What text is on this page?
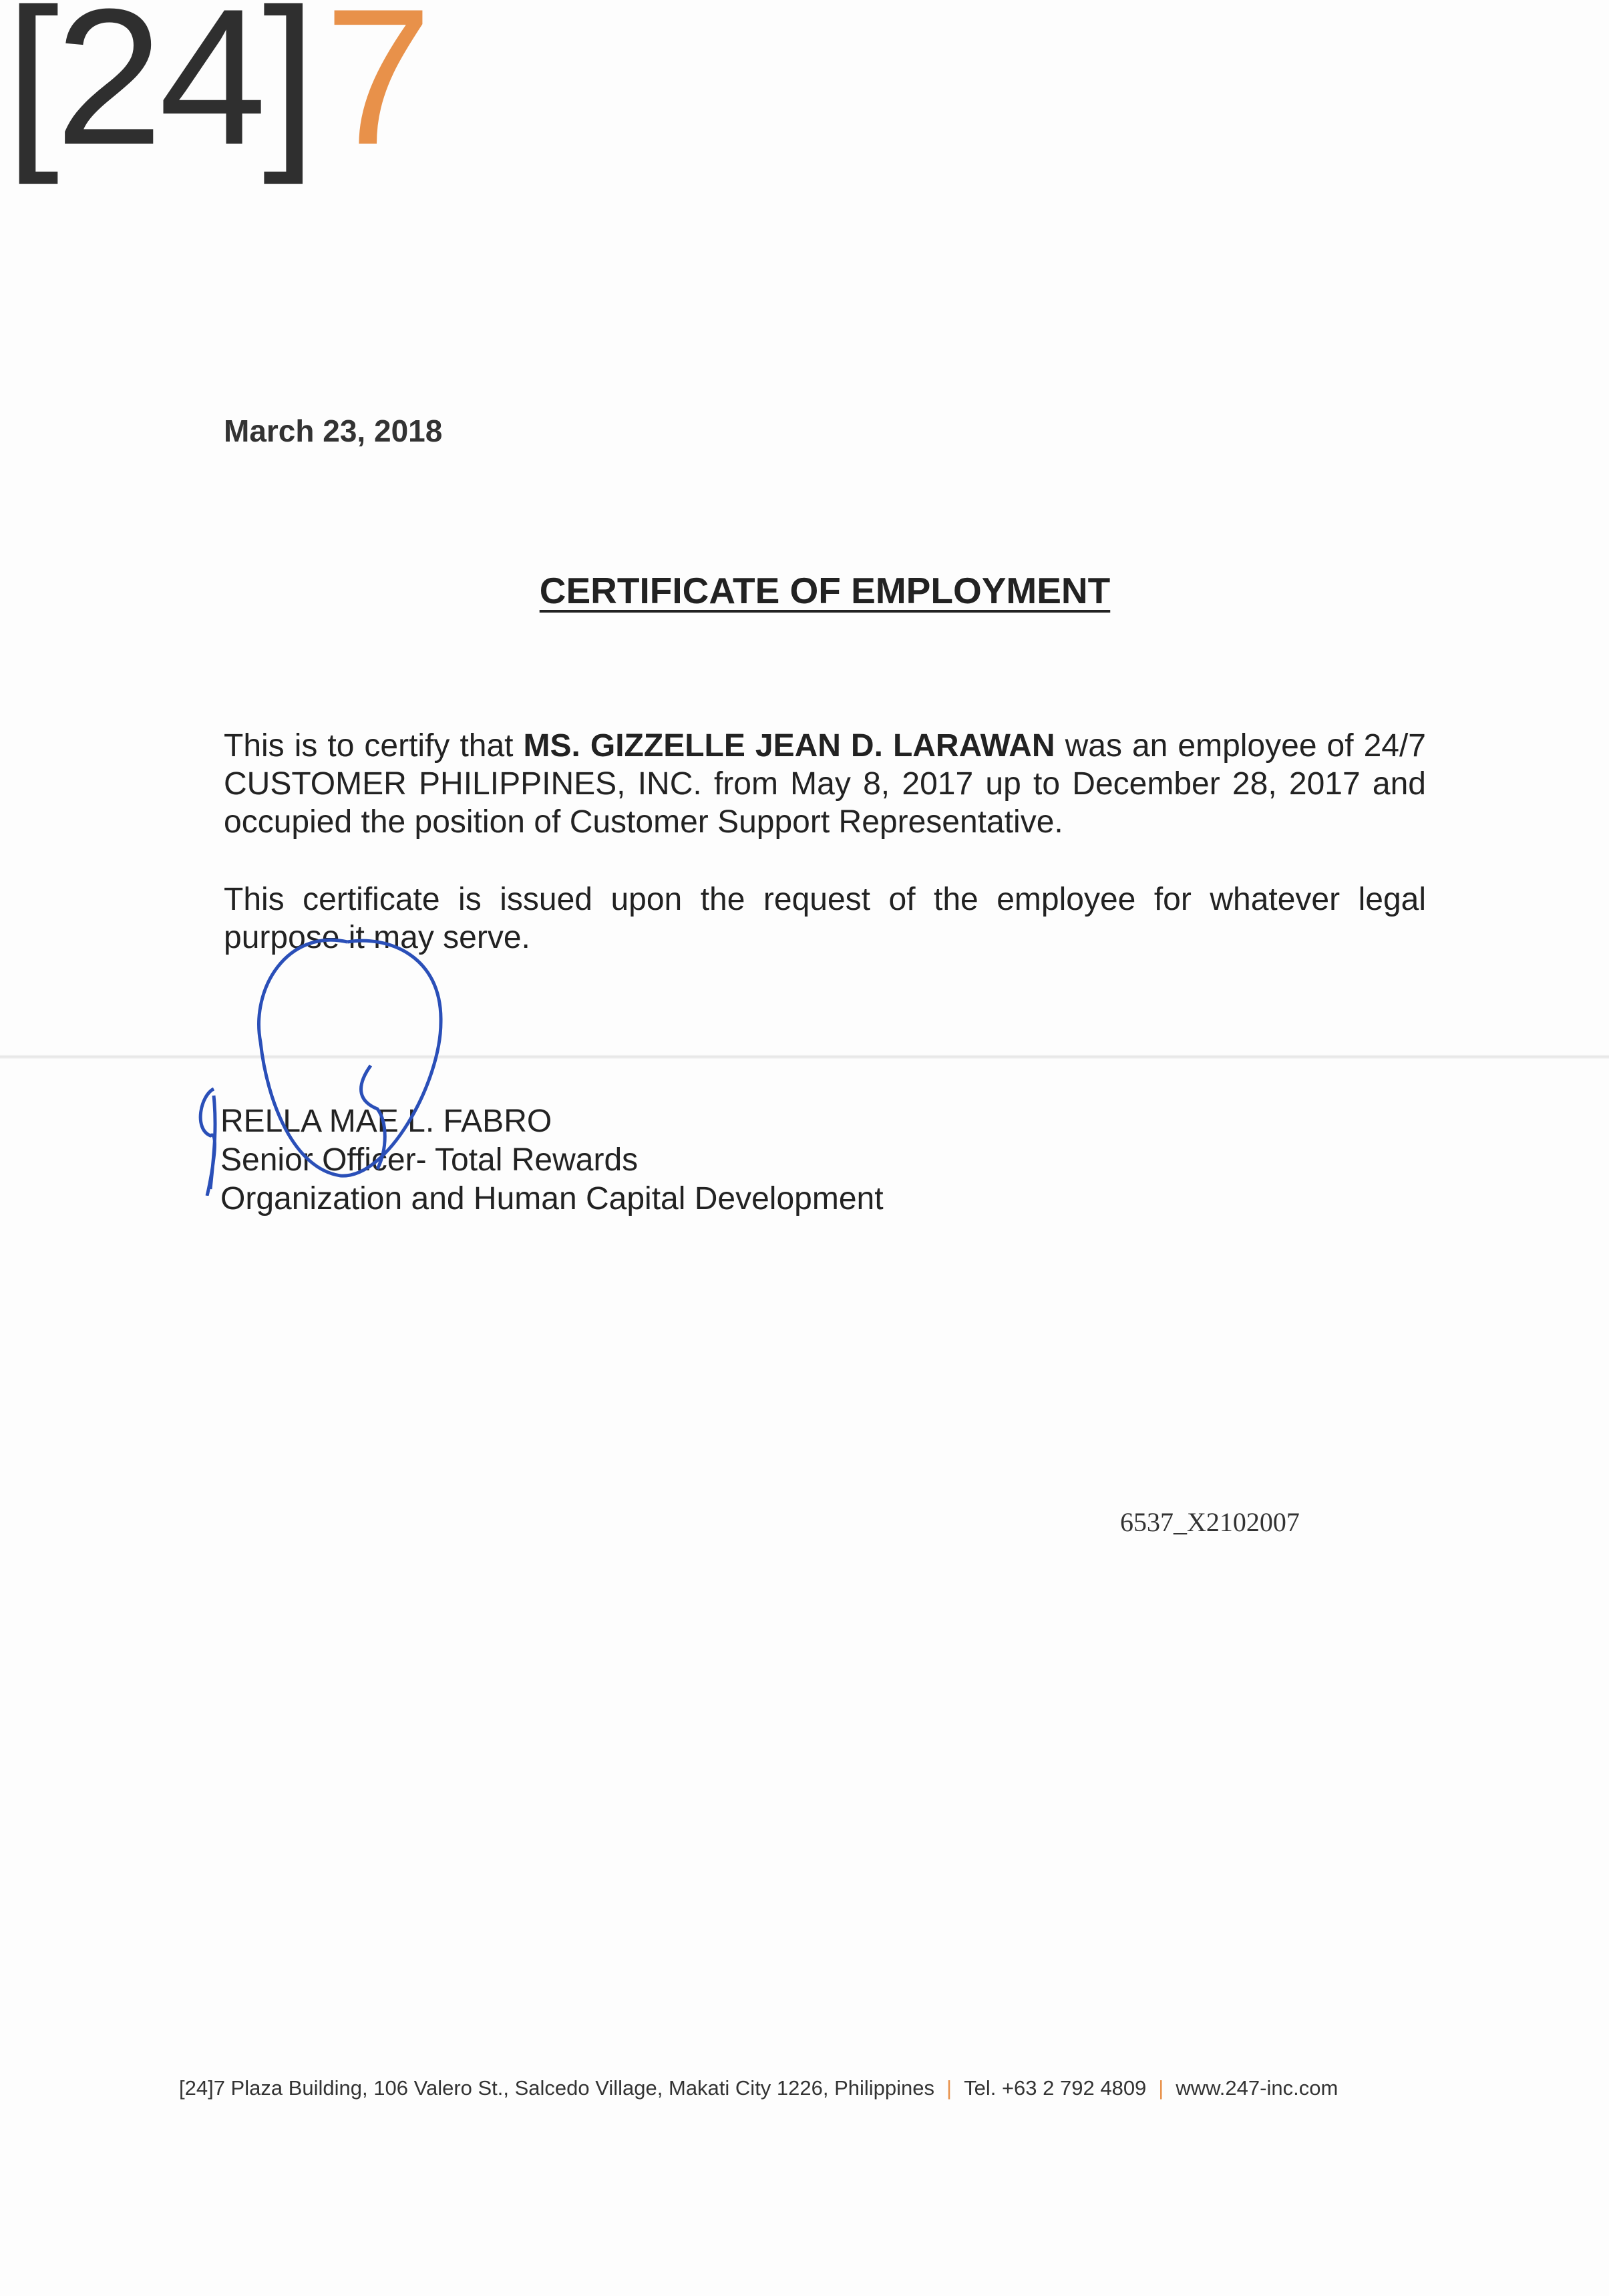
[24]7
March 23, 2018
CERTIFICATE OF EMPLOYMENT
This is to certify that MS. GIZZELLE JEAN D. LARAWAN was an employee of 24/7 CUSTOMER PHILIPPINES, INC. from May 8, 2017 up to December 28, 2017 and occupied the position of Customer Support Representative.
This certificate is issued upon the request of the employee for whatever legal purpose it may serve.
RELLA MAE L. FABRO
Senior Officer- Total Rewards
Organization and Human Capital Development
6537_X2102007
[24]7 Plaza Building, 106 Valero St., Salcedo Village, Makati City 1226, Philippines | Tel. +63 2 792 4809 | www.247-inc.com
